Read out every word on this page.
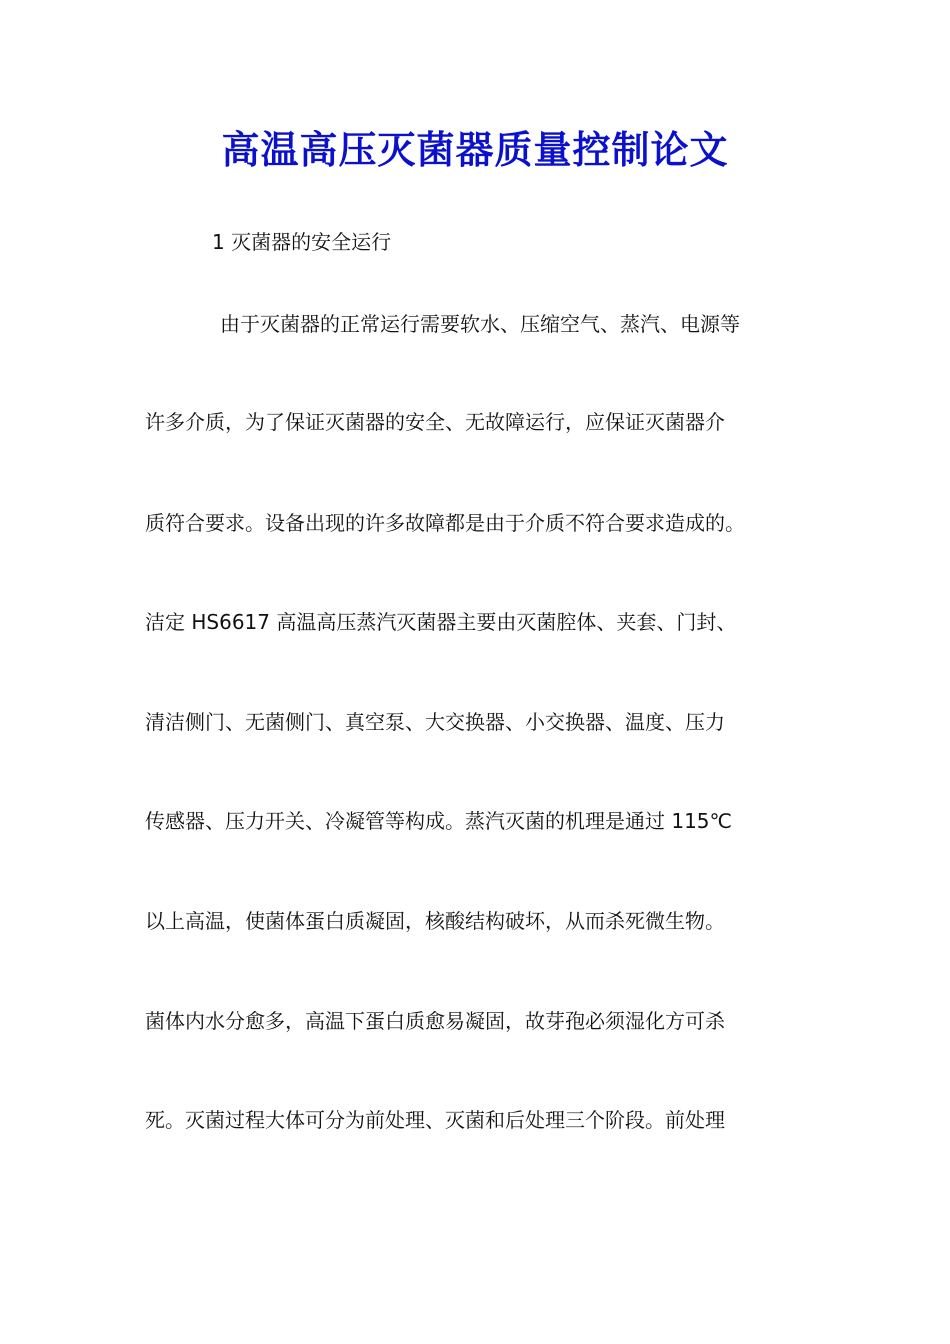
高温高压灭菌器质量控制论文
1 灭菌器的安全运行

由于灭菌器的正常运行需要软水、压缩空气、蒸汽、电源等

许多介质，为了保证灭菌器的安全、无故障运行，应保证灭菌器介

质符合要求。设备出现的许多故障都是由于介质不符合要求造成的。

洁定 HS6617 高温高压蒸汽灭菌器主要由灭菌腔体、夹套、门封、

清洁侧门、无菌侧门、真空泵、大交换器、小交换器、温度、压力

传感器、压力开关、冷凝管等构成。蒸汽灭菌的机理是通过 115℃

以上高温，使菌体蛋白质凝固，核酸结构破坏，从而杀死微生物。

菌体内水分愈多，高温下蛋白质愈易凝固，故芽孢必须湿化方可杀

死。灭菌过程大体可分为前处理、灭菌和后处理三个阶段。前处理
